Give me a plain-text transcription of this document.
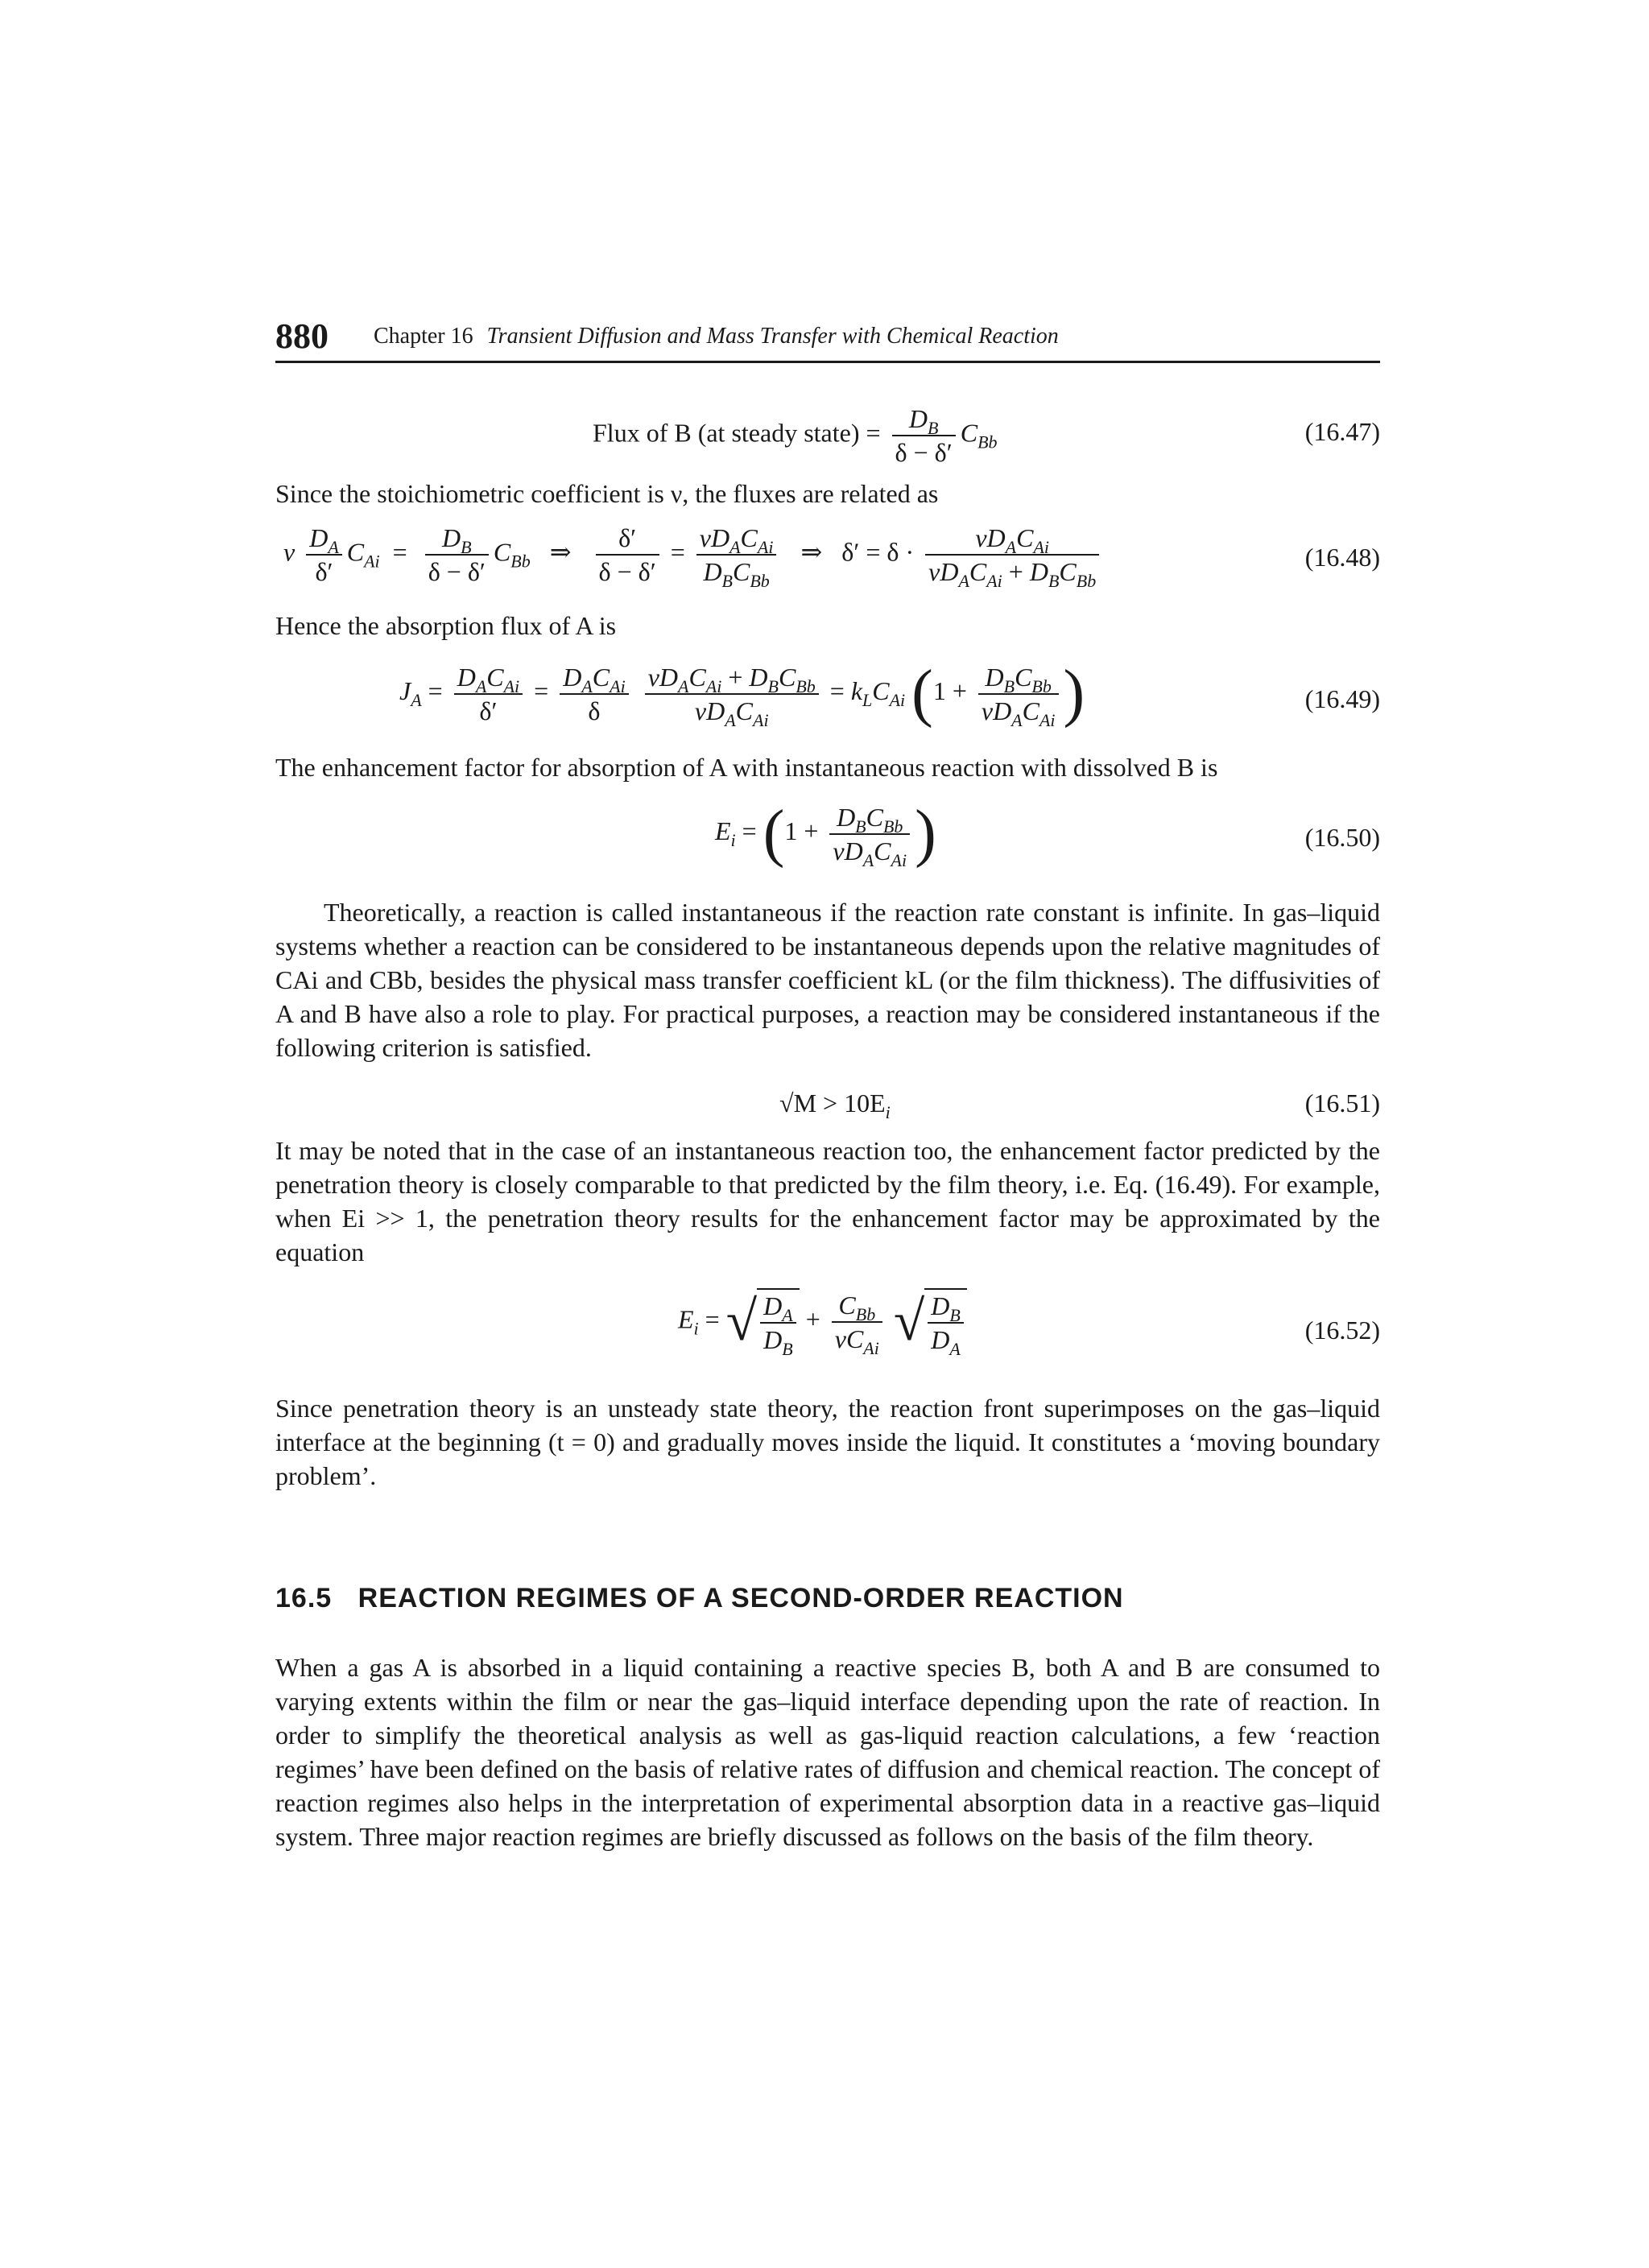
880 Chapter 16 Transient Diffusion and Mass Transfer with Chemical Reaction
Flux of B (at steady state) = $\frac{D_B}{\delta - \delta'} C_{Bb}$	(16.47)
Since the stoichiometric coefficient is ν, the fluxes are related as
ν $\frac{D_A}{\delta'} C_{Ai} = \frac{D_B}{\delta - \delta'} C_{Bb}$   ⇒ $\frac{\delta'}{\delta - \delta'} = \frac{\nu D_AC_{Ai}}{D_BC_{Bb}}$ ⇒   $\delta' = \delta \cdot \frac{\nu D_AC_{Ai}}{\nu D_AC_{Ai} + D_BC_{Bb}}$	(16.48)
Hence the absorption flux of A is
$J_A = \frac{D_AC_{Ai}}{\delta'} = \frac{D_AC_{Ai}}{\delta}$
$\frac{\nu D_AC_{Ai} + D_BC_{Bb}}{\nu D_AC_{Ai}} = k_LC_{Ai}$ ($1 + \frac{D_BC_{Bb}}{\nu D_AC_{Ai}}$ )	(16.49)
The enhancement factor for absorption of A with instantaneous reaction with dissolved B is
$E_i = (1 + \frac{D_BC_{Bb}}{\nu D_AC_{Ai}}$ )	(16.50)
Theoretically, a reaction is called instantaneous if the reaction rate constant is infinite. In gas–liquid systems whether a reaction can be considered to be instantaneous depends upon the relative magnitudes of CAi and CBb, besides the physical mass transfer coefficient kL (or the film thickness). The diffusivities of A and B have also a role to play. For practical purposes, a reaction may be considered instantaneous if the following criterion is satisfied.
$√M > 10E_i$	(16.51)
It may be noted that in the case of an instantaneous reaction too, the enhancement factor predicted by the penetration theory is closely comparable to that predicted by the film theory, i.e. Eq. (16.49). For example, when Ei >> 1, the penetration theory results for the enhancement factor may be approximated by the equation
$E_i$ = √ $\frac{D_A}{D_B} + \frac{C_{Bb}}{\nu C_{Ai}}$ √ $\frac{D_B}{D_A}$	(16.52)
Since penetration theory is an unsteady state theory, the reaction front superimposes on the gas–liquid interface at the beginning (t = 0) and gradually moves inside the liquid. It constitutes a ‘moving boundary problem’.
16.5 REACTION REGIMES OF A SECOND-ORDER REACTION
When a gas A is absorbed in a liquid containing a reactive species B, both A and B are consumed to varying extents within the film or near the gas–liquid interface depending upon the rate of reaction. In order to simplify the theoretical analysis as well as gas-liquid reaction calculations, a few ‘reaction regimes’ have been defined on the basis of relative rates of diffusion and chemical reaction. The concept of reaction regimes also helps in the interpretation of experimental absorption data in a reactive gas–liquid system. Three major reaction regimes are briefly discussed as follows on the basis of the film theory.
